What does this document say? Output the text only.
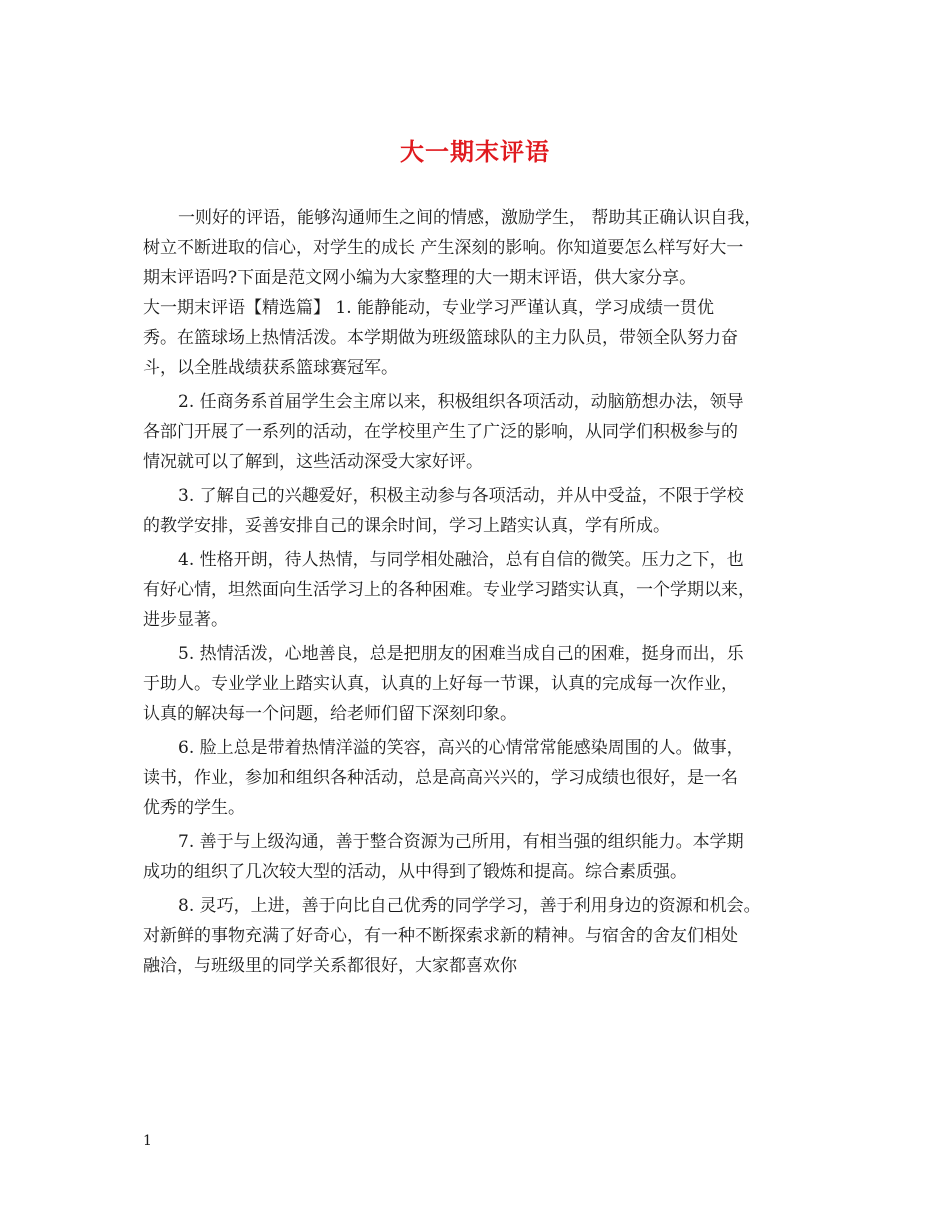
大一期末评语

一则好的评语，能够沟通师生之间的情感，激励学生， 帮助其正确认识自我，

树立不断进取的信心，对学生的成长 产生深刻的影响。你知道要怎么样写好大一

期末评语吗?下面是范文网小编为大家整理的大一期末评语，供大家分享。

大一期末评语【精选篇】 1. 能静能动，专业学习严谨认真，学习成绩一贯优

秀。在篮球场上热情活泼。本学期做为班级篮球队的主力队员，带领全队努力奋

斗，以全胜战绩获系篮球赛冠军。

2. 任商务系首届学生会主席以来，积极组织各项活动，动脑筋想办法，领导

各部门开展了一系列的活动，在学校里产生了广泛的影响，从同学们积极参与的

情况就可以了解到，这些活动深受大家好评。

3. 了解自己的兴趣爱好，积极主动参与各项活动，并从中受益，不限于学校

的教学安排，妥善安排自己的课余时间，学习上踏实认真，学有所成。

4. 性格开朗，待人热情，与同学相处融洽，总有自信的微笑。压力之下，也

有好心情，坦然面向生活学习上的各种困难。专业学习踏实认真，一个学期以来，

进步显著。

5. 热情活泼，心地善良，总是把朋友的困难当成自己的困难，挺身而出，乐

于助人。专业学业上踏实认真，认真的上好每一节课，认真的完成每一次作业，

认真的解决每一个问题，给老师们留下深刻印象。

6. 脸上总是带着热情洋溢的笑容，高兴的心情常常能感染周围的人。做事，

读书，作业，参加和组织各种活动，总是高高兴兴的，学习成绩也很好，是一名

优秀的学生。

7. 善于与上级沟通，善于整合资源为己所用，有相当强的组织能力。本学期

成功的组织了几次较大型的活动，从中得到了锻炼和提高。综合素质强。

8. 灵巧，上进，善于向比自己优秀的同学学习，善于利用身边的资源和机会。

对新鲜的事物充满了好奇心，有一种不断探索求新的精神。与宿舍的舍友们相处

融洽，与班级里的同学关系都很好，大家都喜欢你

1
